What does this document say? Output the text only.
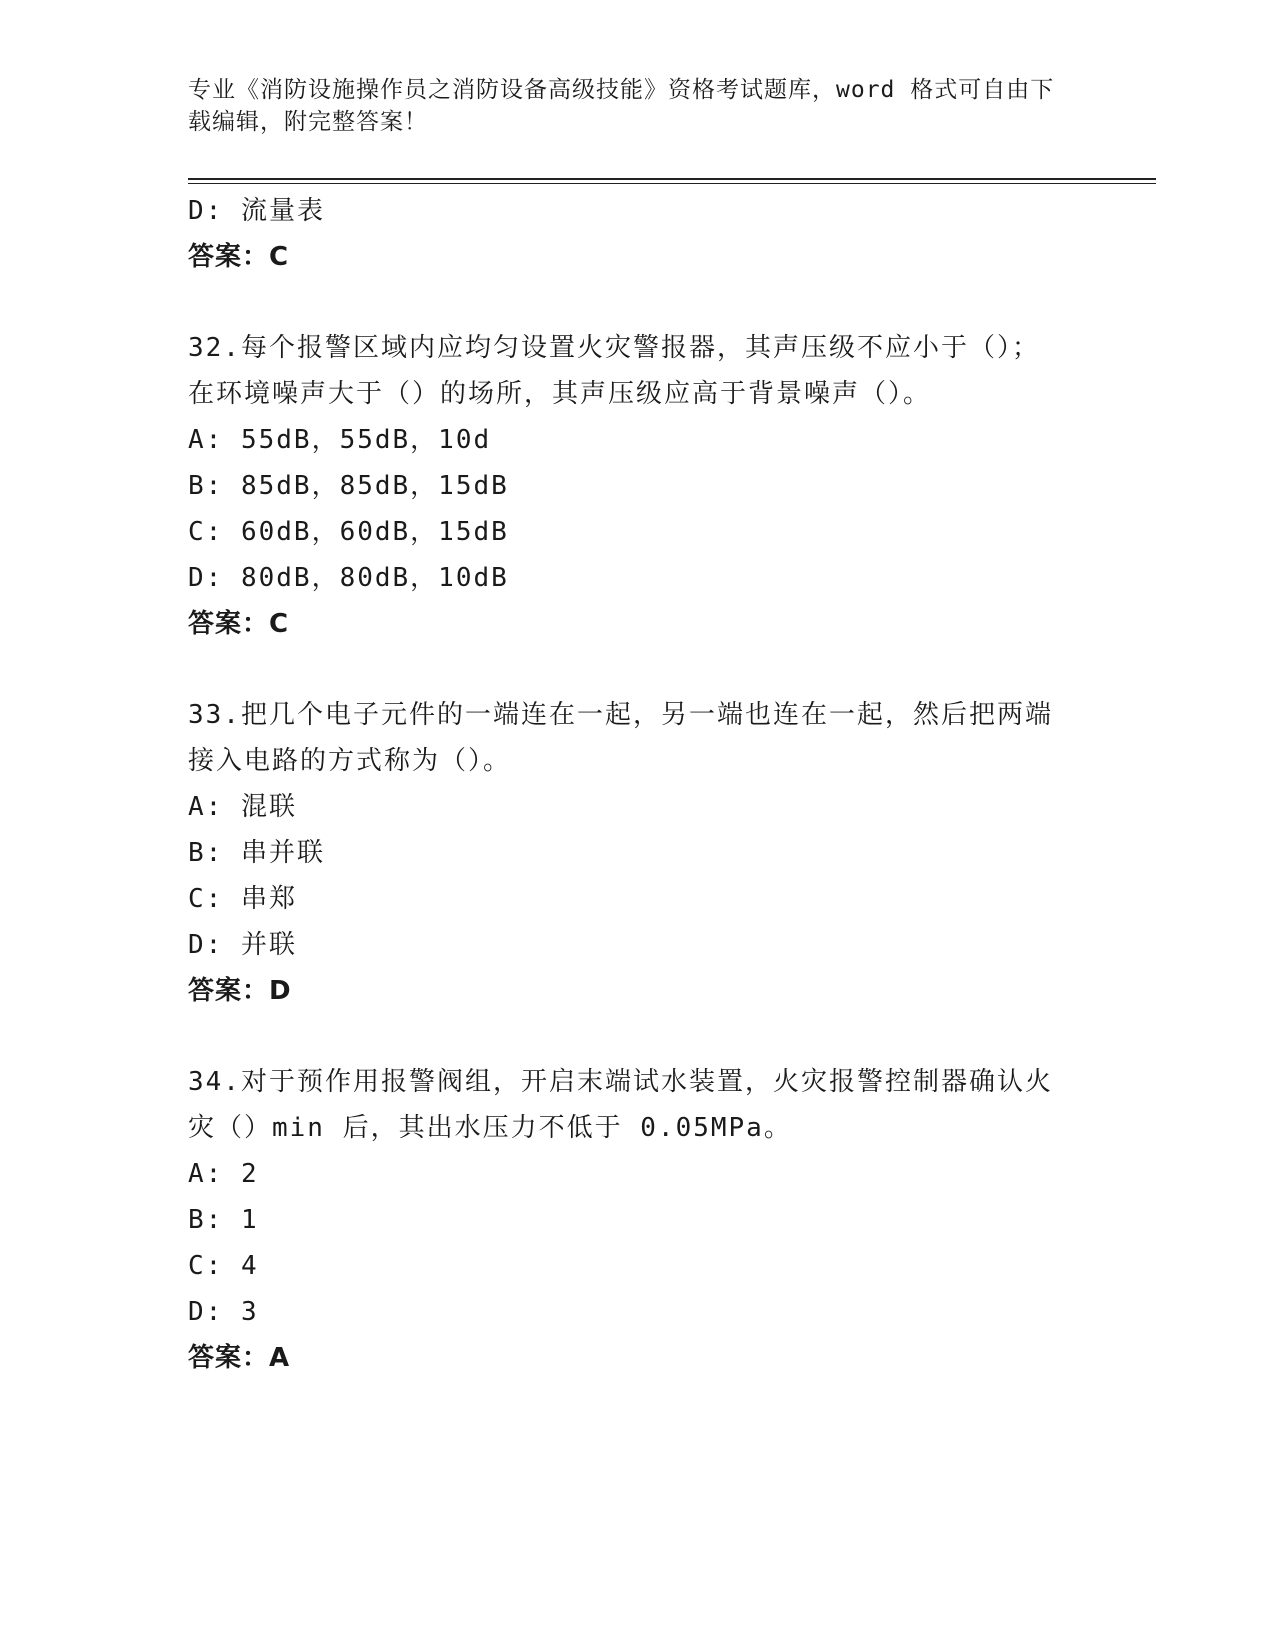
专业《消防设施操作员之消防设备高级技能》资格考试题库，word 格式可自由下
载编辑，附完整答案！
D: 流量表
答案：C
32.每个报警区域内应均匀设置火灾警报器，其声压级不应小于（）；
在环境噪声大于（）的场所，其声压级应高于背景噪声（）。
A: 55dB，55dB，10d
B: 85dB，85dB，15dB
C: 60dB，60dB，15dB
D: 80dB，80dB，10dB
答案：C
33.把几个电子元件的一端连在一起，另一端也连在一起，然后把两端
接入电路的方式称为（）。
A: 混联
B: 串并联
C: 串郑
D: 并联
答案：D
34.对于预作用报警阀组，开启末端试水装置，火灾报警控制器确认火
灾（）min 后，其出水压力不低于 0.05MPa。
A: 2
B: 1
C: 4
D: 3
答案：A
